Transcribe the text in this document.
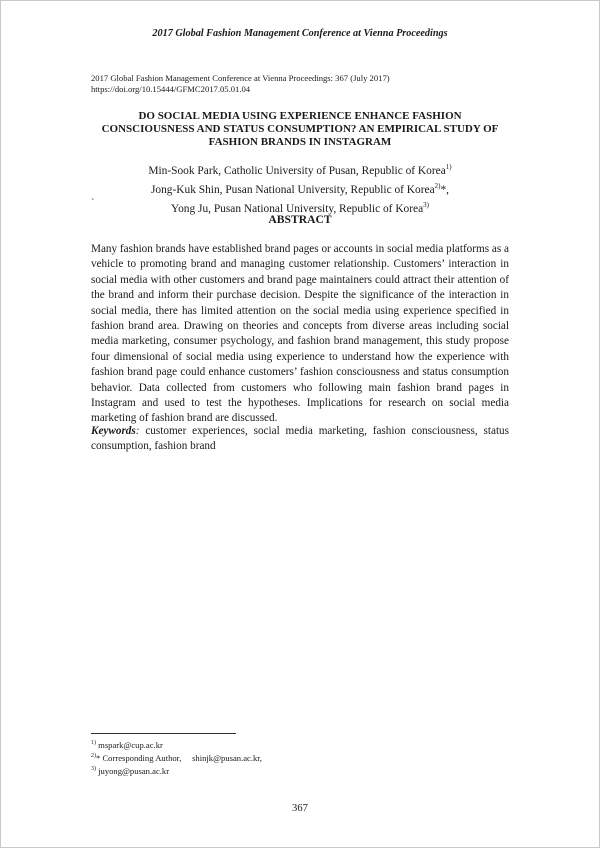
2017 Global Fashion Management Conference at Vienna Proceedings
2017 Global Fashion Management Conference at Vienna Proceedings: 367 (July 2017)
https://doi.org/10.15444/GFMC2017.05.01.04
DO SOCIAL MEDIA USING EXPERIENCE ENHANCE FASHION
CONSCIOUSNESS AND STATUS CONSUMPTION? AN EMPIRICAL STUDY OF
FASHION BRANDS IN INSTAGRAM
Min-Sook Park, Catholic University of Pusan, Republic of Korea$^{1)}$
Jong-Kuk Shin, Pusan National University, Republic of Korea$^{2)}$*,
Yong Ju, Pusan National University, Republic of Korea$^{3)}$
`
ABSTRACT
Many fashion brands have established brand pages or accounts in social media platforms as a vehicle to promoting brand and managing customer relationship. Customers’ interaction in social media with other customers and brand page maintainers could attract their attention of the brand and inform their purchase decision. Despite the significance of the interaction in social media, there has limited attention on the social media using experience specified in fashion brand area. Drawing on theories and concepts from diverse areas including social media marketing, consumer psychology, and fashion brand management, this study propose four dimensional of social media using experience to understand how the experience with fashion brand page could enhance customers’ fashion consciousness and status consumption behavior. Data collected from customers who following main fashion brand pages in Instagram and used to test the hypotheses. Implications for research on social media marketing of fashion brand are discussed.
Keywords: customer experiences, social media marketing, fashion consciousness, status consumption, fashion brand
$^{1)}$ mspark@cup.ac.kr
$^{2)}$* Corresponding Author,     shinjk@pusan.ac.kr,
$^{3)}$ juyong@pusan.ac.kr
367
